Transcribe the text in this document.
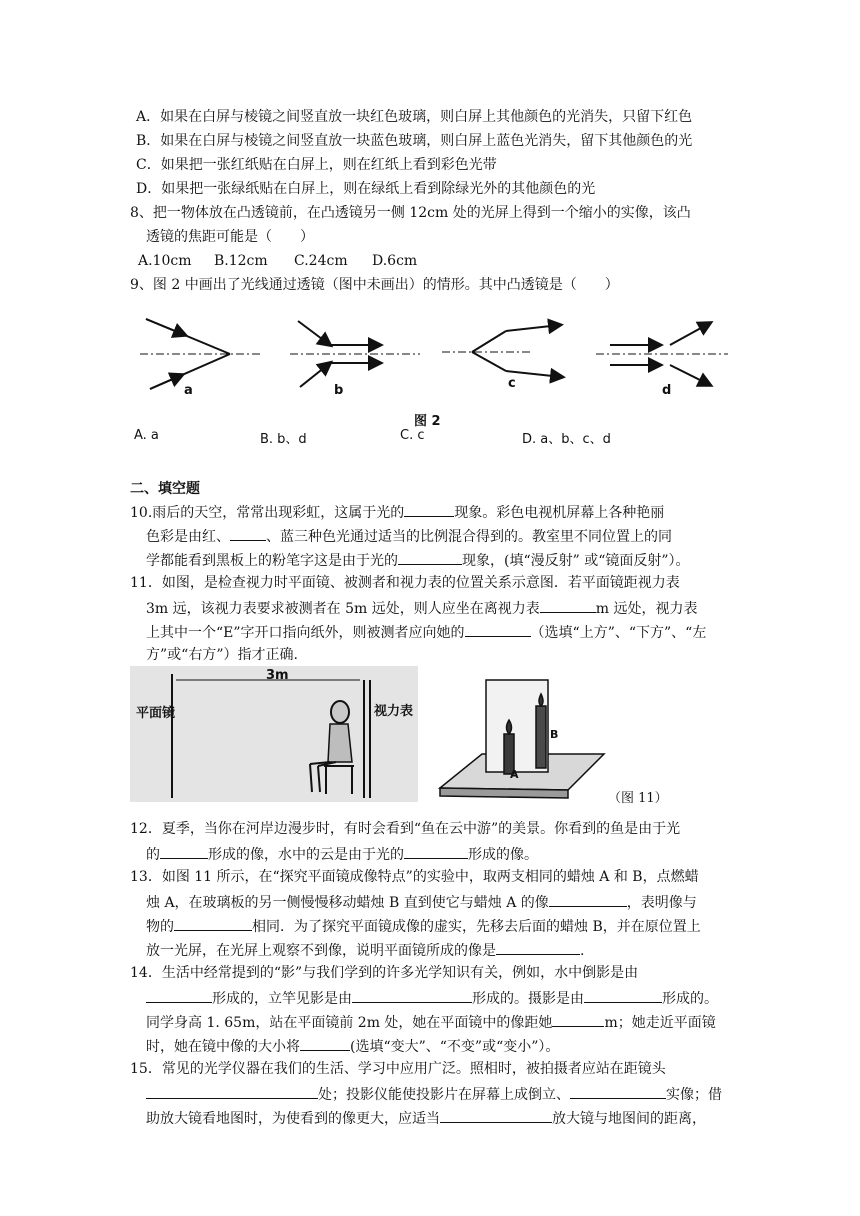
A．如果在白屏与棱镜之间竖直放一块红色玻璃，则白屏上其他颜色的光消失，只留下红色
B．如果在白屏与棱镜之间竖直放一块蓝色玻璃，则白屏上蓝色光消失，留下其他颜色的光
C．如果把一张红纸贴在白屏上，则在红纸上看到彩色光带
D．如果把一张绿纸贴在白屏上，则在绿纸上看到除绿光外的其他颜色的光
8、把一物体放在凸透镜前，在凸透镜另一侧 12cm 处的光屏上得到一个缩小的实像，该凸
透镜的焦距可能是（　　）
A.10cm B.12cm C.24cm D.6cm
9、图 2 中画出了光线通过透镜（图中未画出）的情形。其中凸透镜是（　　）
a	b	c	d
图 2
A. a	B. b、d	C. c	D. a、b、c、d
二、填空题
10.雨后的天空，常常出现彩虹，这属于光的	现象。彩色电视机屏幕上各种艳丽
色彩是由红、	、蓝三种色光通过适当的比例混合得到的。教室里不同位置上的同
学都能看到黑板上的粉笔字这是由于光的	现象，(填“漫反射” 或“镜面反射”）。
11．如图，是检查视力时平面镜、被测者和视力表的位置关系示意图．若平面镜距视力表
3m 远，该视力表要求被测者在 5m 远处，则人应坐在离视力表	m 远处，视力表
上其中一个“E”字开口指向纸外，则被测者应向她的	（选填“上方”、“下方”、“左
方”或“右方”）指才正确.
平面镜
3m
视力表
A
B
（图 11）
12．夏季，当你在河岸边漫步时，有时会看到“鱼在云中游”的美景。你看到的鱼是由于光
的	形成的像，水中的云是由于光的	形成的像。
13．如图 11 所示，在“探究平面镜成像特点”的实验中，取两支相同的蜡烛 A 和 B，点燃蜡
烛 A，在玻璃板的另一侧慢慢移动蜡烛 B 直到使它与蜡烛 A 的像	，表明像与
物的	相同．为了探究平面镜成像的虚实，先移去后面的蜡烛 B，并在原位置上
放一光屏，在光屏上观察不到像，说明平面镜所成的像是	.
14．生活中经常提到的“影”与我们学到的许多光学知识有关，例如，水中倒影是由
形成的，立竿见影是由	形成的。摄影是由	形成的。
同学身高 1. 65m，站在平面镜前 2m 处，她在平面镜中的像距她	m；她走近平面镜
时，她在镜中像的大小将	(选填“变大”、“不变”或“变小”）。
15．常见的光学仪器在我们的生活、学习中应用广泛。照相时，被拍摄者应站在距镜头
处；投影仪能使投影片在屏幕上成倒立、	实像；借
助放大镜看地图时，为使看到的像更大，应适当	放大镜与地图间的距离，
